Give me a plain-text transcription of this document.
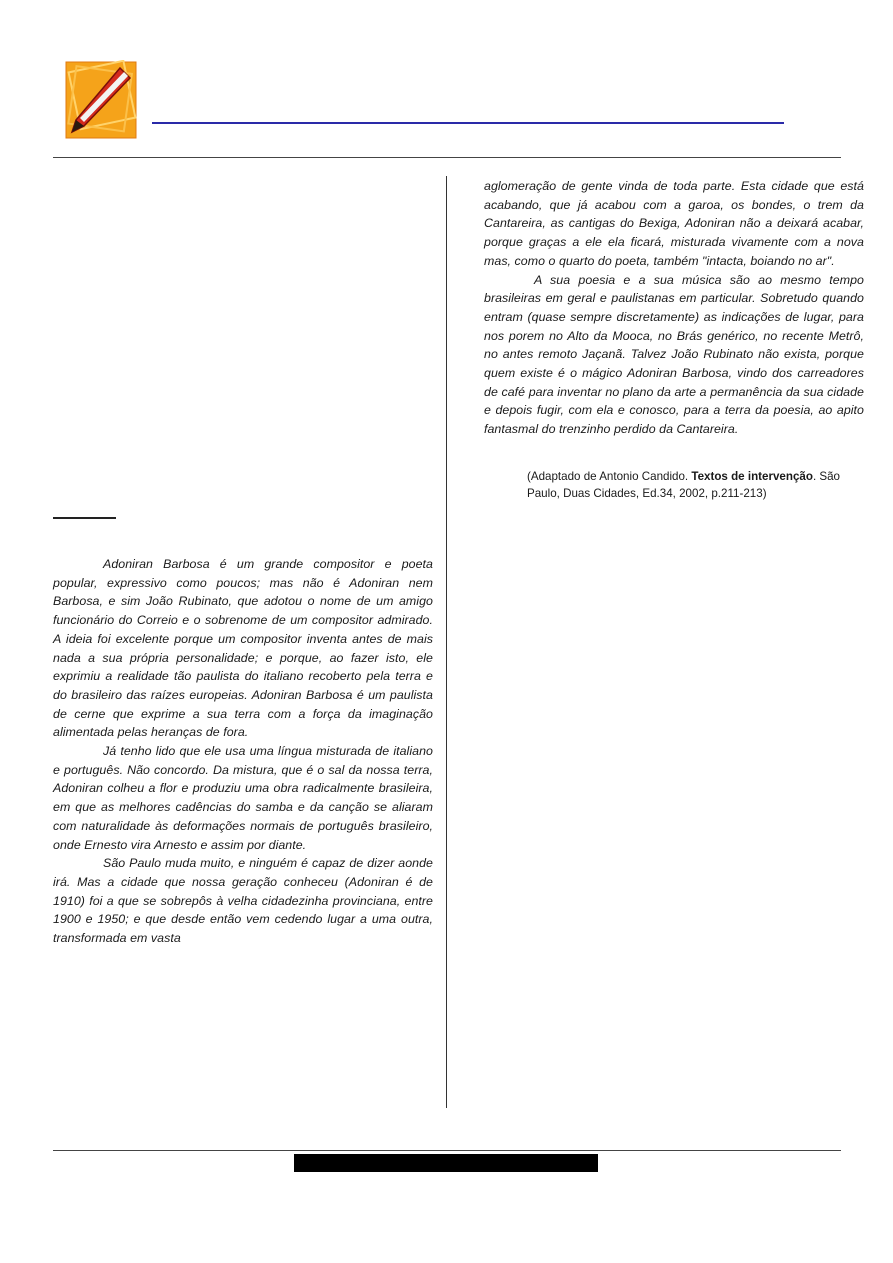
Adoniran Barbosa é um grande compositor e poeta popular, expressivo como poucos; mas não é Adoniran nem Barbosa, e sim João Rubinato, que adotou o nome de um amigo funcionário do Correio e o sobrenome de um compositor admirado. A ideia foi excelente porque um compositor inventa antes de mais nada a sua própria personalidade; e porque, ao fazer isto, ele exprimiu a realidade tão paulista do italiano recoberto pela terra e do brasileiro das raízes europeias. Adoniran Barbosa é um paulista de cerne que exprime a sua terra com a força da imaginação alimentada pelas heranças de fora.

Já tenho lido que ele usa uma língua misturada de italiano e português. Não concordo. Da mistura, que é o sal da nossa terra, Adoniran colheu a flor e produziu uma obra radicalmente brasileira, em que as melhores cadências do samba e da canção se aliaram com naturalidade às deformações normais de português brasileiro, onde Ernesto vira Arnesto e assim por diante.

São Paulo muda muito, e ninguém é capaz de dizer aonde irá. Mas a cidade que nossa geração conheceu (Adoniran é de 1910) foi a que se sobrepôs à velha cidadezinha provinciana, entre 1900 e 1950; e que desde então vem cedendo lugar a uma outra, transformada em vasta

aglomeração de gente vinda de toda parte. Esta cidade que está acabando, que já acabou com a garoa, os bondes, o trem da Cantareira, as cantigas do Bexiga, Adoniran não a deixará acabar, porque graças a ele ela ficará, misturada vivamente com a nova mas, como o quarto do poeta, também "intacta, boiando no ar".

A sua poesia e a sua música são ao mesmo tempo brasileiras em geral e paulistanas em particular. Sobretudo quando entram (quase sempre discretamente) as indicações de lugar, para nos porem no Alto da Mooca, no Brás genérico, no recente Metrô, no antes remoto Jaçanã. Talvez João Rubinato não exista, porque quem existe é o mágico Adoniran Barbosa, vindo dos carreadores de café para inventar no plano da arte a permanência da sua cidade e depois fugir, com ela e conosco, para a terra da poesia, ao apito fantasmal do trenzinho perdido da Cantareira.

(Adaptado de Antonio Candido. Textos de intervenção. São Paulo, Duas Cidades, Ed.34, 2002, p.211-213)
